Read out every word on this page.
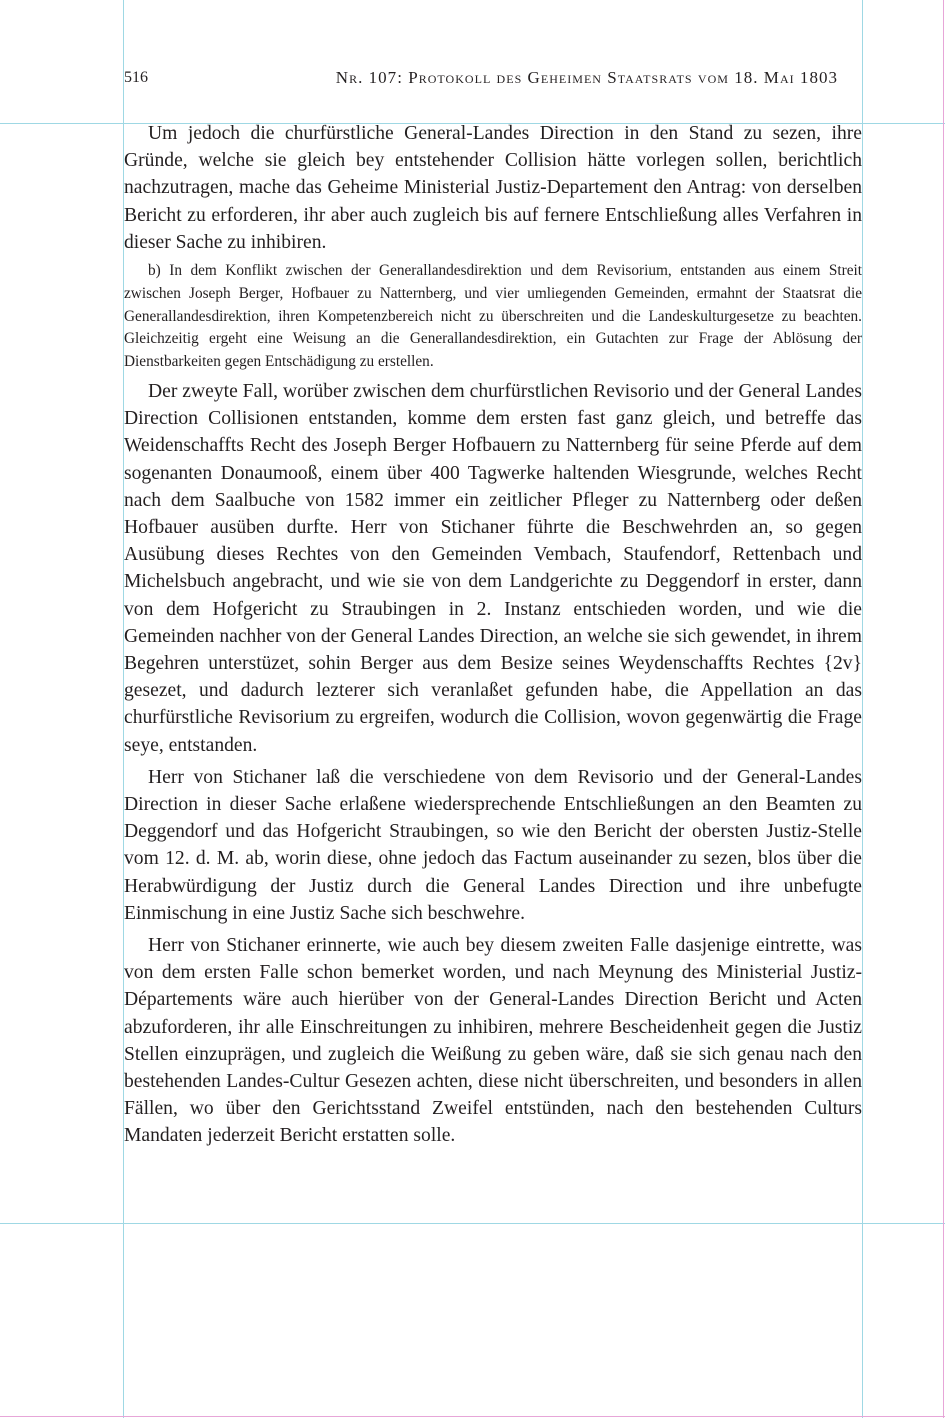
516	Nr. 107: Protokoll des Geheimen Staatsrats vom 18. Mai 1803

Um jedoch die churfürstliche General-Landes Direction in den Stand zu sezen, ihre Gründe, welche sie gleich bey entstehender Collision hätte vorlegen sollen, berichtlich nachzutragen, mache das Geheime Ministerial Justiz-Departement den Antrag: von derselben Bericht zu erforderen, ihr aber auch zugleich bis auf fernere Entschließung alles Verfahren in dieser Sache zu inhibiren.

b) In dem Konflikt zwischen der Generallandesdirektion und dem Revisorium, entstanden aus einem Streit zwischen Joseph Berger, Hofbauer zu Natternberg, und vier umliegenden Gemeinden, ermahnt der Staatsrat die Generallandesdirektion, ihren Kompetenzbereich nicht zu überschreiten und die Landeskulturgesetze zu beachten. Gleichzeitig ergeht eine Weisung an die Generallandesdirektion, ein Gutachten zur Frage der Ablösung der Dienstbarkeiten gegen Entschädigung zu erstellen.

Der zweyte Fall, worüber zwischen dem churfürstlichen Revisorio und der General Landes Direction Collisionen entstanden, komme dem ersten fast ganz gleich, und betreffe das Weidenschaffts Recht des Joseph Berger Hofbauern zu Natternberg für seine Pferde auf dem sogenanten Donaumooß, einem über 400 Tagwerke haltenden Wiesgrunde, welches Recht nach dem Saalbuche von 1582 immer ein zeitlicher Pfleger zu Natternberg oder deßen Hofbauer ausüben durfte. Herr von Stichaner führte die Beschwehrden an, so gegen Ausübung dieses Rechtes von den Gemeinden Vembach, Staufendorf, Rettenbach und Michelsbuch angebracht, und wie sie von dem Landgerichte zu Deggendorf in erster, dann von dem Hofgericht zu Straubingen in 2. Instanz entschieden worden, und wie die Gemeinden nachher von der General Landes Direction, an welche sie sich gewendet, in ihrem Begehren unterstüzet, sohin Berger aus dem Besize seines Weydenschaffts Rechtes {2v} gesezet, und dadurch lezterer sich veranlaßet gefunden habe, die Appellation an das churfürstliche Revisorium zu ergreifen, wodurch die Collision, wovon gegenwärtig die Frage seye, entstanden.

Herr von Stichaner laß die verschiedene von dem Revisorio und der General-Landes Direction in dieser Sache erlaßene wiedersprechende Entschließungen an den Beamten zu Deggendorf und das Hofgericht Straubingen, so wie den Bericht der obersten Justiz-Stelle vom 12. d. M. ab, worin diese, ohne jedoch das Factum auseinander zu sezen, blos über die Herabwürdigung der Justiz durch die General Landes Direction und ihre unbefugte Einmischung in eine Justiz Sache sich beschwehre.

Herr von Stichaner erinnerte, wie auch bey diesem zweiten Falle dasjenige eintrette, was von dem ersten Falle schon bemerket worden, und nach Meynung des Ministerial Justiz-Départements wäre auch hierüber von der General-Landes Direction Bericht und Acten abzuforderen, ihr alle Einschreitungen zu inhibiren, mehrere Bescheidenheit gegen die Justiz Stellen einzuprägen, und zugleich die Weißung zu geben wäre, daß sie sich genau nach den bestehenden Landes-Cultur Gesezen achten, diese nicht überschreiten, und besonders in allen Fällen, wo über den Gerichtsstand Zweifel entstünden, nach den bestehenden Culturs Mandaten jederzeit Bericht erstatten solle.
